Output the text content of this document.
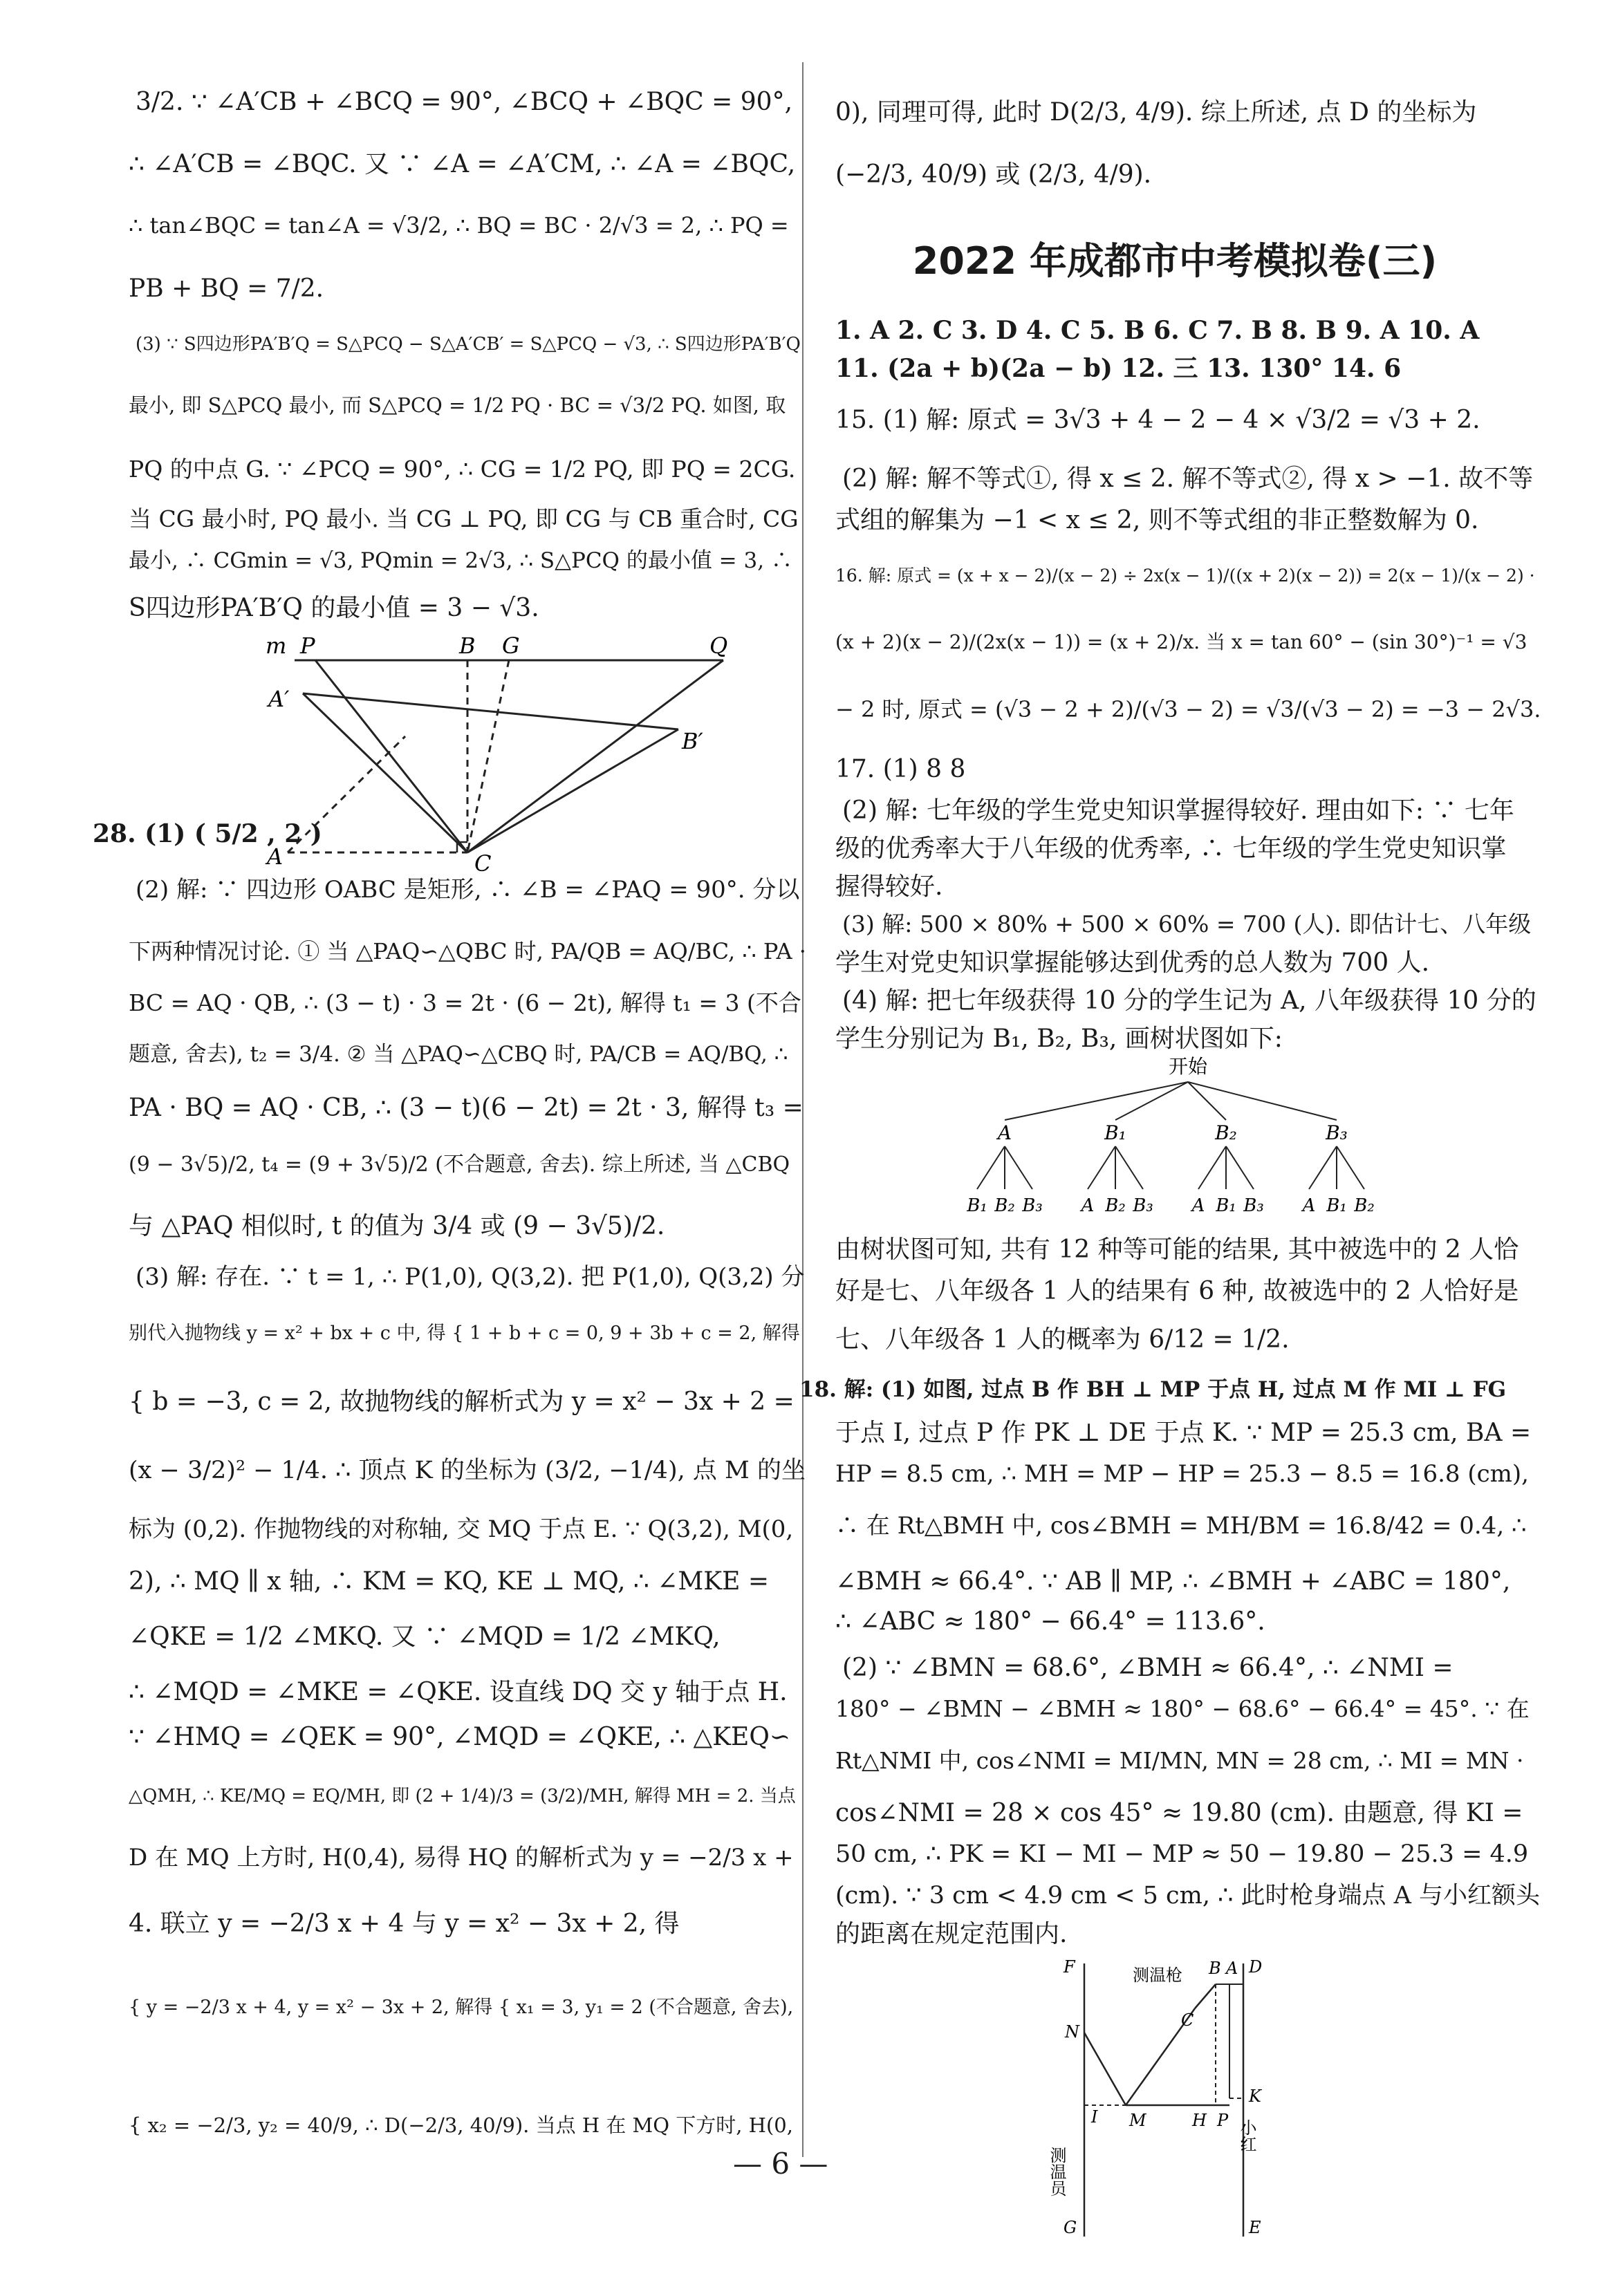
3/2. ∵ ∠A′CB + ∠BCQ = 90°, ∠BCQ + ∠BQC = 90°,
∴ ∠A′CB = ∠BQC. 又 ∵ ∠A = ∠A′CM, ∴ ∠A = ∠BQC,
∴ tan∠BQC = tan∠A = √3/2, ∴ BQ = BC · 2/√3 = 2, ∴ PQ =
PB + BQ = 7/2.
(3) ∵ S四边形PA′B′Q = S△PCQ − S△A′CB′ = S△PCQ − √3, ∴ S四边形PA′B′Q
最小, 即 S△PCQ 最小, 而 S△PCQ = 1/2 PQ · BC = √3/2 PQ. 如图, 取
PQ 的中点 G. ∵ ∠PCQ = 90°, ∴ CG = 1/2 PQ, 即 PQ = 2CG.
当 CG 最小时, PQ 最小. 当 CG ⊥ PQ, 即 CG 与 CB 重合时, CG
最小, ∴ CGmin = √3, PQmin = 2√3, ∴ S△PCQ 的最小值 = 3, ∴
S四边形PA′B′Q 的最小值 = 3 − √3.
m P	B G	Q
A′
B′
A	C
28. (1) ( 5/2 , 2 )
(2) 解: ∵ 四边形 OABC 是矩形, ∴ ∠B = ∠PAQ = 90°. 分以
下两种情况讨论. ① 当 △PAQ∽△QBC 时, PA/QB = AQ/BC, ∴ PA ·
BC = AQ · QB, ∴ (3 − t) · 3 = 2t · (6 − 2t), 解得 t₁ = 3 (不合
题意, 舍去), t₂ = 3/4. ② 当 △PAQ∽△CBQ 时, PA/CB = AQ/BQ, ∴
PA · BQ = AQ · CB, ∴ (3 − t)(6 − 2t) = 2t · 3, 解得 t₃ =
(9 − 3√5)/2, t₄ = (9 + 3√5)/2 (不合题意, 舍去). 综上所述, 当 △CBQ
与 △PAQ 相似时, t 的值为 3/4 或 (9 − 3√5)/2.
(3) 解: 存在. ∵ t = 1, ∴ P(1,0), Q(3,2). 把 P(1,0), Q(3,2) 分
别代入抛物线 y = x² + bx + c 中, 得 { 1 + b + c = 0, 9 + 3b + c = 2, 解得
{ b = −3, c = 2, 故抛物线的解析式为 y = x² − 3x + 2 =
(x − 3/2)² − 1/4. ∴ 顶点 K 的坐标为 (3/2, −1/4), 点 M 的坐
标为 (0,2). 作抛物线的对称轴, 交 MQ 于点 E. ∵ Q(3,2), M(0,
2), ∴ MQ ∥ x 轴, ∴ KM = KQ, KE ⊥ MQ, ∴ ∠MKE =
∠QKE = 1/2 ∠MKQ. 又 ∵ ∠MQD = 1/2 ∠MKQ,
∴ ∠MQD = ∠MKE = ∠QKE. 设直线 DQ 交 y 轴于点 H.
∵ ∠HMQ = ∠QEK = 90°, ∠MQD = ∠QKE, ∴ △KEQ∽
△QMH, ∴ KE/MQ = EQ/MH, 即 (2 + 1/4)/3 = (3/2)/MH, 解得 MH = 2. 当点
D 在 MQ 上方时, H(0,4), 易得 HQ 的解析式为 y = −2/3 x +
4. 联立 y = −2/3 x + 4 与 y = x² − 3x + 2, 得
{ y = −2/3 x + 4, y = x² − 3x + 2, 解得 { x₁ = 3, y₁ = 2 (不合题意, 舍去),
{ x₂ = −2/3, y₂ = 40/9, ∴ D(−2/3, 40/9). 当点 H 在 MQ 下方时, H(0,
0), 同理可得, 此时 D(2/3, 4/9). 综上所述, 点 D 的坐标为
(−2/3, 40/9) 或 (2/3, 4/9).
2022 年成都市中考模拟卷(三)
1. A 2. C 3. D 4. C 5. B 6. C 7. B 8. B 9. A 10. A
11. (2a + b)(2a − b) 12. 三 13. 130° 14. 6
15. (1) 解: 原式 = 3√3 + 4 − 2 − 4 × √3/2 = √3 + 2.
(2) 解: 解不等式①, 得 x ≤ 2. 解不等式②, 得 x > −1. 故不等
式组的解集为 −1 < x ≤ 2, 则不等式组的非正整数解为 0.
16. 解: 原式 = (x + x − 2)/(x − 2) ÷ 2x(x − 1)/((x + 2)(x − 2)) = 2(x − 1)/(x − 2) ·
(x + 2)(x − 2)/(2x(x − 1)) = (x + 2)/x. 当 x = tan 60° − (sin 30°)⁻¹ = √3
− 2 时, 原式 = (√3 − 2 + 2)/(√3 − 2) = √3/(√3 − 2) = −3 − 2√3.
17. (1) 8 8
(2) 解: 七年级的学生党史知识掌握得较好. 理由如下: ∵ 七年
级的优秀率大于八年级的优秀率, ∴ 七年级的学生党史知识掌
握得较好.
(3) 解: 500 × 80% + 500 × 60% = 700 (人). 即估计七、八年级
学生对党史知识掌握能够达到优秀的总人数为 700 人.
(4) 解: 把七年级获得 10 分的学生记为 A, 八年级获得 10 分的
学生分别记为 B₁, B₂, B₃, 画树状图如下:
开始
A	B₁	B₂	B₃
B₁ B₂ B₃ A B₂ B₃ A B₁ B₃ A B₁ B₂
由树状图可知, 共有 12 种等可能的结果, 其中被选中的 2 人恰
好是七、八年级各 1 人的结果有 6 种, 故被选中的 2 人恰好是
七、八年级各 1 人的概率为 6/12 = 1/2.
18. 解: (1) 如图, 过点 B 作 BH ⊥ MP 于点 H, 过点 M 作 MI ⊥ FG
于点 I, 过点 P 作 PK ⊥ DE 于点 K. ∵ MP = 25.3 cm, BA =
HP = 8.5 cm, ∴ MH = MP − HP = 25.3 − 8.5 = 16.8 (cm),
∴ 在 Rt△BMH 中, cos∠BMH = MH/BM = 16.8/42 = 0.4, ∴
∠BMH ≈ 66.4°. ∵ AB ∥ MP, ∴ ∠BMH + ∠ABC = 180°,
∴ ∠ABC ≈ 180° − 66.4° = 113.6°.
(2) ∵ ∠BMN = 68.6°, ∠BMH ≈ 66.4°, ∴ ∠NMI =
180° − ∠BMN − ∠BMH ≈ 180° − 68.6° − 66.4° = 45°. ∵ 在
Rt△NMI 中, cos∠NMI = MI/MN, MN = 28 cm, ∴ MI = MN ·
cos∠NMI = 28 × cos 45° ≈ 19.80 (cm). 由题意, 得 KI =
50 cm, ∴ PK = KI − MI − MP ≈ 50 − 19.80 − 25.3 = 4.9
(cm). ∵ 3 cm < 4.9 cm < 5 cm, ∴ 此时枪身端点 A 与小红额头
的距离在规定范围内.
F	B A D
测温枪
C
N
K
I M	H P
测温员
小红
G	E
— 6 —
